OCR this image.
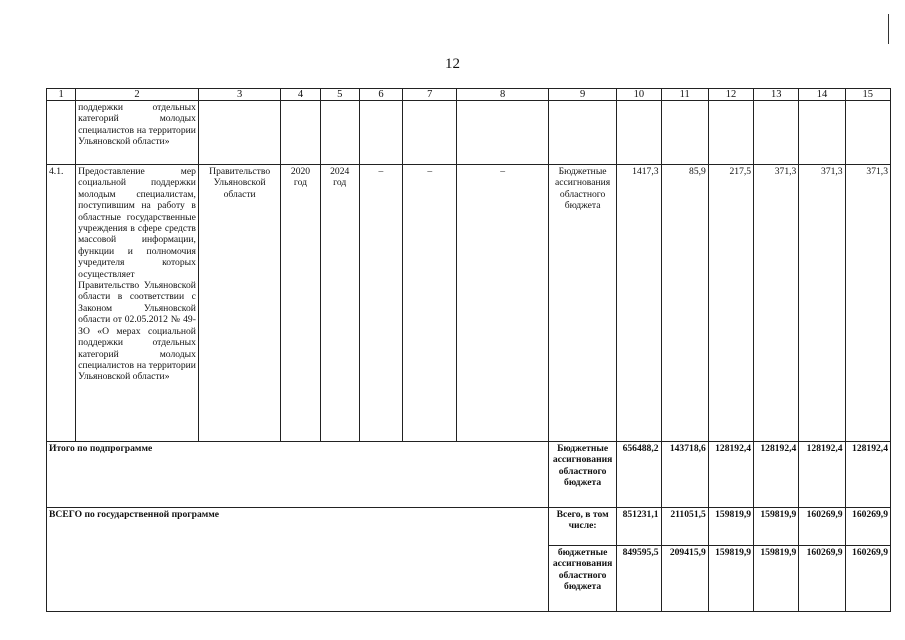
12
1	2	3	4	5	6	7	8	9	10	11	12	13	14	15
	поддержки отдельных категорий молодых специалистов на территории Ульяновской области»													
4.1.	Предоставление мер социальной поддержки молодым специалистам, поступившим на работу в областные государственные учреждения в сфере средств массовой информации, функции и полномочия учредителя которых осуществляет Правительство Ульяновской области в соответствии с Законом Ульяновской области от 02.05.2012 № 49-ЗО «О мерах социальной поддержки отдельных категорий молодых специалистов на территории Ульяновской области»	Правительство Ульяновской области	2020 год	2024 год	–	–	–	Бюджетные ассигнования областного бюджета	1417,3	85,9	217,5	371,3	371,3	371,3
Итого по подпрограмме								Бюджетные ассигнования областного бюджета	656488,2	143718,6	128192,4	128192,4	128192,4	128192,4
ВСЕГО по государственной программе								Всего, в том числе:	851231,1	211051,5	159819,9	159819,9	160269,9	160269,9
								бюджетные ассигнования областного бюджета	849595,5	209415,9	159819,9	159819,9	160269,9	160269,9
